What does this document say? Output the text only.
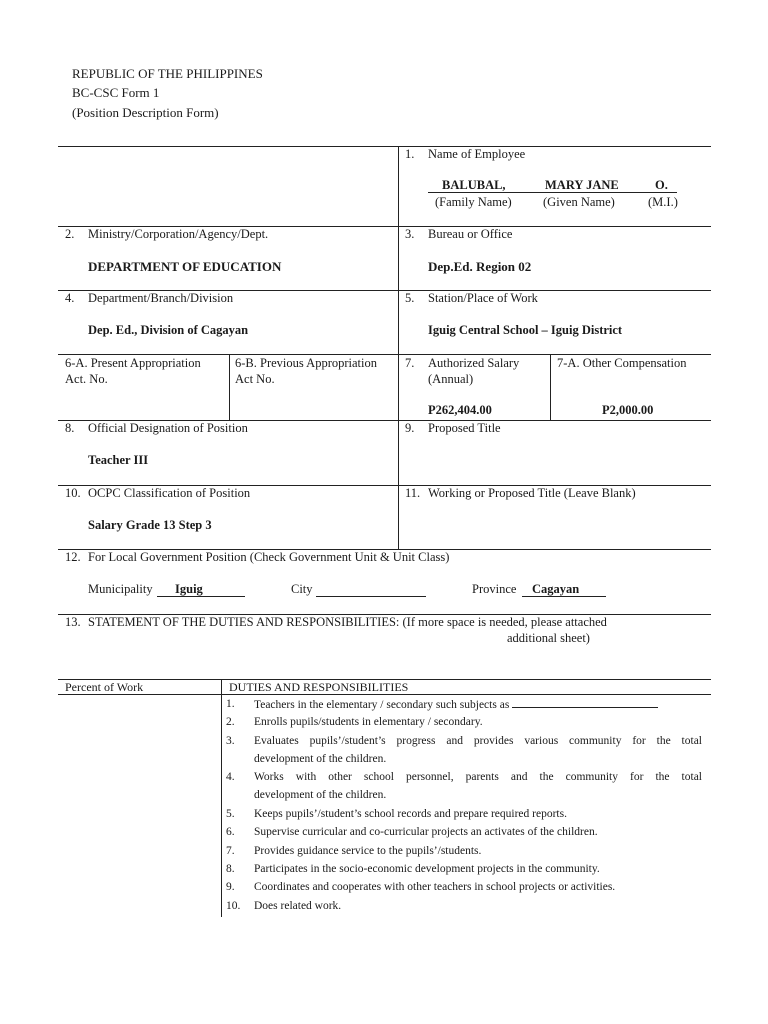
REPUBLIC OF THE PHILIPPINES
BC-CSC Form 1
(Position Description Form)
1. Name of Employee
BALUBAL,	MARY JANE	O.
(Family Name)	(Given Name)	(M.I.)
2. Ministry/Corporation/Agency/Dept.
DEPARTMENT OF EDUCATION
3. Bureau or Office
Dep.Ed. Region 02
4. Department/Branch/Division
Dep. Ed., Division of Cagayan
5. Station/Place of Work
Iguig Central School – Iguig District
6-A. Present Appropriation
Act. No.
6-B. Previous Appropriation
Act No.
7. Authorized Salary
(Annual)
P262,404.00
7-A. Other Compensation
P2,000.00
8. Official Designation of Position
Teacher III
9. Proposed Title
10. OCPC Classification of Position
Salary Grade 13 Step 3
11. Working or Proposed Title (Leave Blank)
12. For Local Government Position (Check Government Unit & Unit Class)
Municipality	Iguig	City	Province	Cagayan
13. STATEMENT OF THE DUTIES AND RESPONSIBILITIES: (If more space is needed, please attached
additional sheet)
Percent of Work	DUTIES AND RESPONSIBILITIES
1. Teachers in the elementary / secondary such subjects as
2. Enrolls pupils/students in elementary / secondary.
3. Evaluates pupils’/student’s progress and provides various community for the total
development of the children.
4. Works with other school personnel, parents and the community for the total
development of the children.
5. Keeps pupils’/student’s school records and prepare required reports.
6. Supervise curricular and co-curricular projects an activates of the children.
7. Provides guidance service to the pupils’/students.
8. Participates in the socio-economic development projects in the community.
9. Coordinates and cooperates with other teachers in school projects or activities.
10. Does related work.
